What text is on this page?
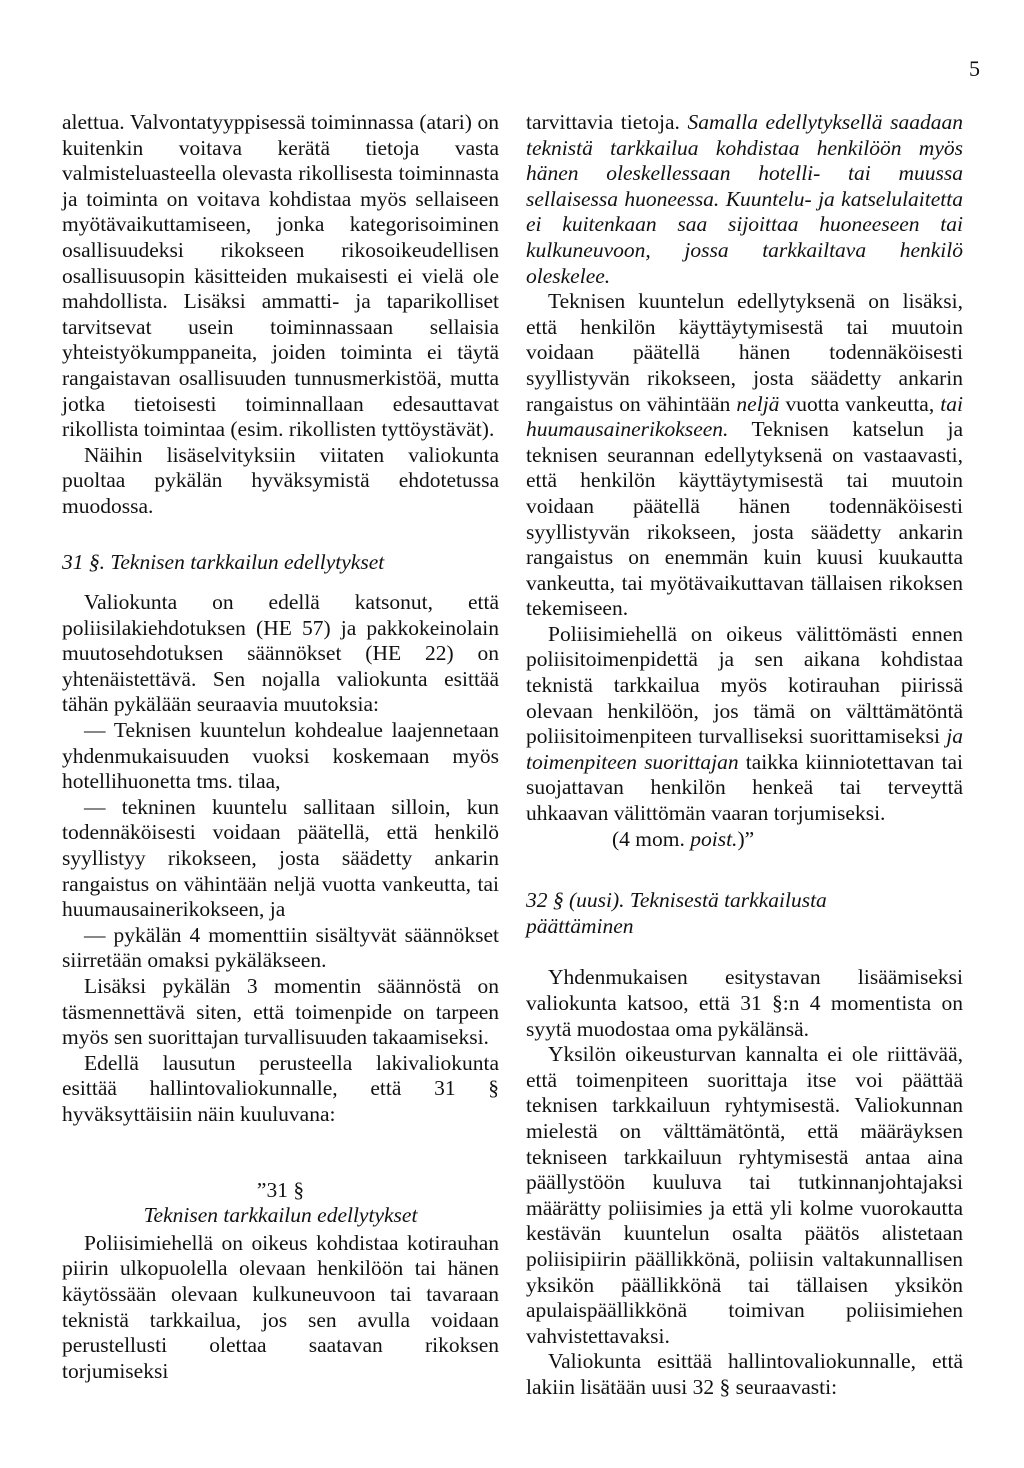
5

alettua. Valvontatyyppisessä toiminnassa (atari) on kuitenkin voitava kerätä tietoja vasta valmisteluasteella olevasta rikollisesta toiminnasta ja toiminta on voitava kohdistaa myös sellaiseen myötävaikuttamiseen, jonka kategorisoiminen osallisuudeksi rikokseen rikosoikeudellisen osallisuusopin käsitteiden mukaisesti ei vielä ole mahdollista. Lisäksi ammatti- ja taparikolliset tarvitsevat usein toiminnassaan sellaisia yhteistyökumppaneita, joiden toiminta ei täytä rangaistavan osallisuuden tunnusmerkistöä, mutta jotka tietoisesti toiminnallaan edesauttavat rikollista toimintaa (esim. rikollisten tyttöystävät).

Näihin lisäselvityksiin viitaten valiokunta puoltaa pykälän hyväksymistä ehdotetussa muodossa.

31 §. Teknisen tarkkailun edellytykset

Valiokunta on edellä katsonut, että poliisilakiehdotuksen (HE 57) ja pakkokeinolain muutosehdotuksen säännökset (HE 22) on yhtenäistettävä. Sen nojalla valiokunta esittää tähän pykälään seuraavia muutoksia:

— Teknisen kuuntelun kohdealue laajennetaan yhdenmukaisuuden vuoksi koskemaan myös hotellihuonetta tms. tilaa,

— tekninen kuuntelu sallitaan silloin, kun todennäköisesti voidaan päätellä, että henkilö syyllistyy rikokseen, josta säädetty ankarin rangaistus on vähintään neljä vuotta vankeutta, tai huumausainerikokseen, ja

— pykälän 4 momenttiin sisältyvät säännökset siirretään omaksi pykäläkseen.

Lisäksi pykälän 3 momentin säännöstä on täsmennettävä siten, että toimenpide on tarpeen myös sen suorittajan turvallisuuden takaamiseksi.

Edellä lausutun perusteella lakivaliokunta esittää hallintovaliokunnalle, että 31 § hyväksyttäisiin näin kuuluvana:

”31 §

Teknisen tarkkailun edellytykset

Poliisimiehellä on oikeus kohdistaa kotirauhan piirin ulkopuolella olevaan henkilöön tai hänen käytössään olevaan kulkuneuvoon tai tavaraan teknistä tarkkailua, jos sen avulla voidaan perustellusti olettaa saatavan rikoksen torjumiseksi

tarvittavia tietoja. Samalla edellytyksellä saadaan teknistä tarkkailua kohdistaa henkilöön myös hänen oleskellessaan hotelli- tai muussa sellaisessa huoneessa. Kuuntelu- ja katselulaitetta ei kuitenkaan saa sijoittaa huoneeseen tai kulkuneuvoon, jossa tarkkailtava henkilö oleskelee.

Teknisen kuuntelun edellytyksenä on lisäksi, että henkilön käyttäytymisestä tai muutoin voidaan päätellä hänen todennäköisesti syyllistyvän rikokseen, josta säädetty ankarin rangaistus on vähintään neljä vuotta vankeutta, tai huumausainerikokseen. Teknisen katselun ja teknisen seurannan edellytyksenä on vastaavasti, että henkilön käyttäytymisestä tai muutoin voidaan päätellä hänen todennäköisesti syyllistyvän rikokseen, josta säädetty ankarin rangaistus on enemmän kuin kuusi kuukautta vankeutta, tai myötävaikuttavan tällaisen rikoksen tekemiseen.

Poliisimiehellä on oikeus välittömästi ennen poliisitoimenpidettä ja sen aikana kohdistaa teknistä tarkkailua myös kotirauhan piirissä olevaan henkilöön, jos tämä on välttämätöntä poliisitoimenpiteen turvalliseksi suorittamiseksi ja toimenpiteen suorittajan taikka kiinniotettavan tai suojattavan henkilön henkeä tai terveyttä uhkaavan välittömän vaaran torjumiseksi.

(4 mom. poist.)”

32 § (uusi). Teknisestä tarkkailusta päättäminen

Yhdenmukaisen esitystavan lisäämiseksi valiokunta katsoo, että 31 §:n 4 momentista on syytä muodostaa oma pykälänsä.

Yksilön oikeusturvan kannalta ei ole riittävää, että toimenpiteen suorittaja itse voi päättää teknisen tarkkailuun ryhtymisestä. Valiokunnan mielestä on välttämätöntä, että määräyksen tekniseen tarkkailuun ryhtymisestä antaa aina päällystöön kuuluva tai tutkinnanjohtajaksi määrätty poliisimies ja että yli kolme vuorokautta kestävän kuuntelun osalta päätös alistetaan poliisipiirin päällikkönä, poliisin valtakunnallisen yksikön päällikkönä tai tällaisen yksikön apulaispäällikkönä toimivan poliisimiehen vahvistettavaksi.

Valiokunta esittää hallintovaliokunnalle, että lakiin lisätään uusi 32 § seuraavasti:
